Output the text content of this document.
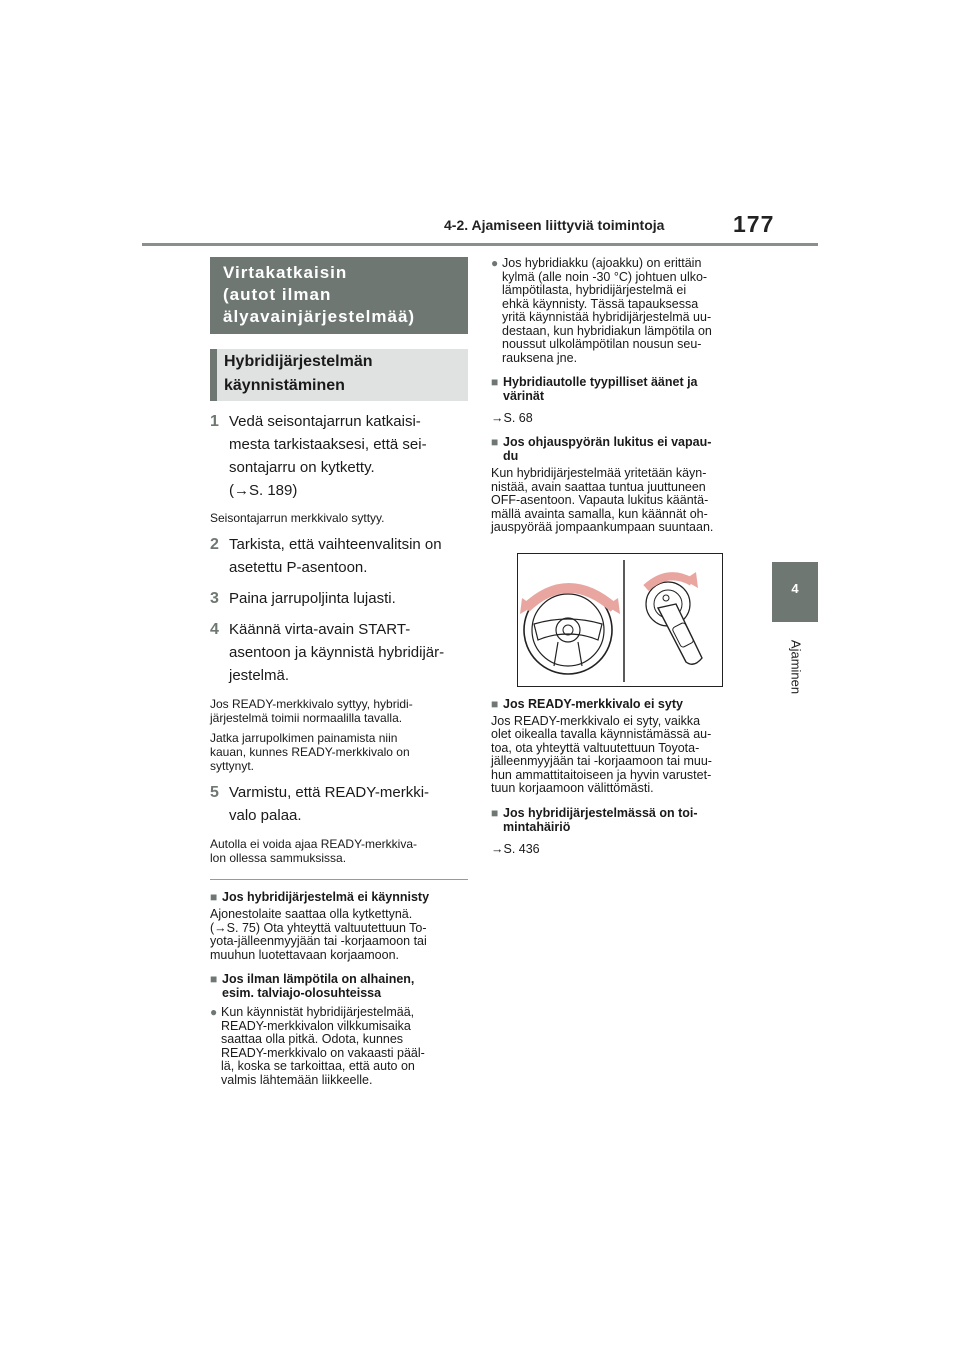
4-2. Ajamiseen liittyviä toimintoja	177
4
Ajaminen
Virtakatkaisin
(autot ilman
älyavainjärjestelmää)
Hybridijärjestelmän
käynnistäminen
1 Vedä seisontajarrun katkaisi-
mesta tarkistaaksesi, että sei-
sontajarru on kytketty.
(→S. 189)
Seisontajarrun merkkivalo syttyy.
2 Tarkista, että vaihteenvalitsin on
asetettu P-asentoon.
3 Paina jarrupoljinta lujasti.
4 Käännä virta-avain START-
asentoon ja käynnistä hybridijär-
jestelmä.
Jos READY-merkkivalo syttyy, hybridi-
järjestelmä toimii normaalilla tavalla.
Jatka jarrupolkimen painamista niin
kauan, kunnes READY-merkkivalo on
syttynyt.
5 Varmistu, että READY-merkki-
valo palaa.
Autolla ei voida ajaa READY-merkkiva-
lon ollessa sammuksissa.
■ Jos hybridijärjestelmä ei käynnisty
Ajonestolaite saattaa olla kytkettynä.
(→S. 75) Ota yhteyttä valtuutettuun To-
yota-jälleenmyyjään tai -korjaamoon tai
muuhun luotettavaan korjaamoon.
■ Jos ilman lämpötila on alhainen,
esim. talviajo-olosuhteissa
● Kun käynnistät hybridijärjestelmää,
READY-merkkivalon vilkkumisaika
saattaa olla pitkä. Odota, kunnes
READY-merkkivalo on vakaasti pääl-
lä, koska se tarkoittaa, että auto on
valmis lähtemään liikkeelle.
● Jos hybridiakku (ajoakku) on erittäin
kylmä (alle noin -30 °C) johtuen ulko-
lämpötilasta, hybridijärjestelmä ei
ehkä käynnisty. Tässä tapauksessa
yritä käynnistää hybridijärjestelmä uu-
destaan, kun hybridiakun lämpötila on
noussut ulkolämpötilan nousun seu-
rauksena jne.
■ Hybridiautolle tyypilliset äänet ja
värinät
→S. 68
■ Jos ohjauspyörän lukitus ei vapau-
du
Kun hybridijärjestelmää yritetään käyn-
nistää, avain saattaa tuntua juuttuneen
OFF-asentoon. Vapauta lukitus kääntä-
mällä avainta samalla, kun käännät oh-
jauspyörää jompaankumpaan suuntaan.
■ Jos READY-merkkivalo ei syty
Jos READY-merkkivalo ei syty, vaikka
olet oikealla tavalla käynnistämässä au-
toa, ota yhteyttä valtuutettuun Toyota-
jälleenmyyjään tai -korjaamoon tai muu-
hun ammattitaitoiseen ja hyvin varustet-
tuun korjaamoon välittömästi.
■ Jos hybridijärjestelmässä on toi-
mintahäiriö
→S. 436
